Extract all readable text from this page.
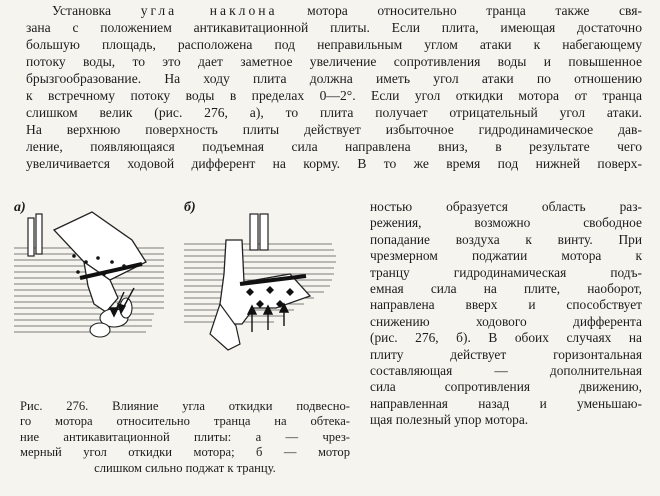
Установка угла наклона мотора относительно транца также свя-
зана с положением антикавитационной плиты. Если плита, имеющая достаточно
большую площадь, расположена под неправильным углом атаки к набегающему
потоку воды, то это дает заметное увеличение сопротивления воды и повышенное
брызгообразование. На ходу плита должна иметь угол атаки по отношению
к встречному потоку воды в пределах 0—2°. Если угол откидки мотора от транца
слишком велик (рис. 276, а), то плита получает отрицательный угол атаки.
На верхнюю поверхность плиты действует избыточное гидродинамическое дав-
ление, появляющаяся подъемная сила направлена вниз, в результате чего
увеличивается ходовой дифферент на корму. В то же время под нижней поверх-
а)	б)
Рис. 276. Влияние угла откидки подвесно-
го мотора относительно транца на обтека-
ние антикавитационной плиты: а — чрез-
мерный угол откидки мотора; б — мотор
слишком сильно поджат к транцу.
ностью образуется область раз-
режения, возможно свободное
попадание воздуха к винту. При
чрезмерном поджатии мотора к
транцу гидродинамическая подъ-
емная сила на плите, наоборот,
направлена вверх и способствует
снижению ходового дифферента
(рис. 276, б). В обоих случаях на
плиту действует горизонтальная
составляющая — дополнительная
сила сопротивления движению,
направленная назад и уменьшаю-
щая полезный упор мотора.
